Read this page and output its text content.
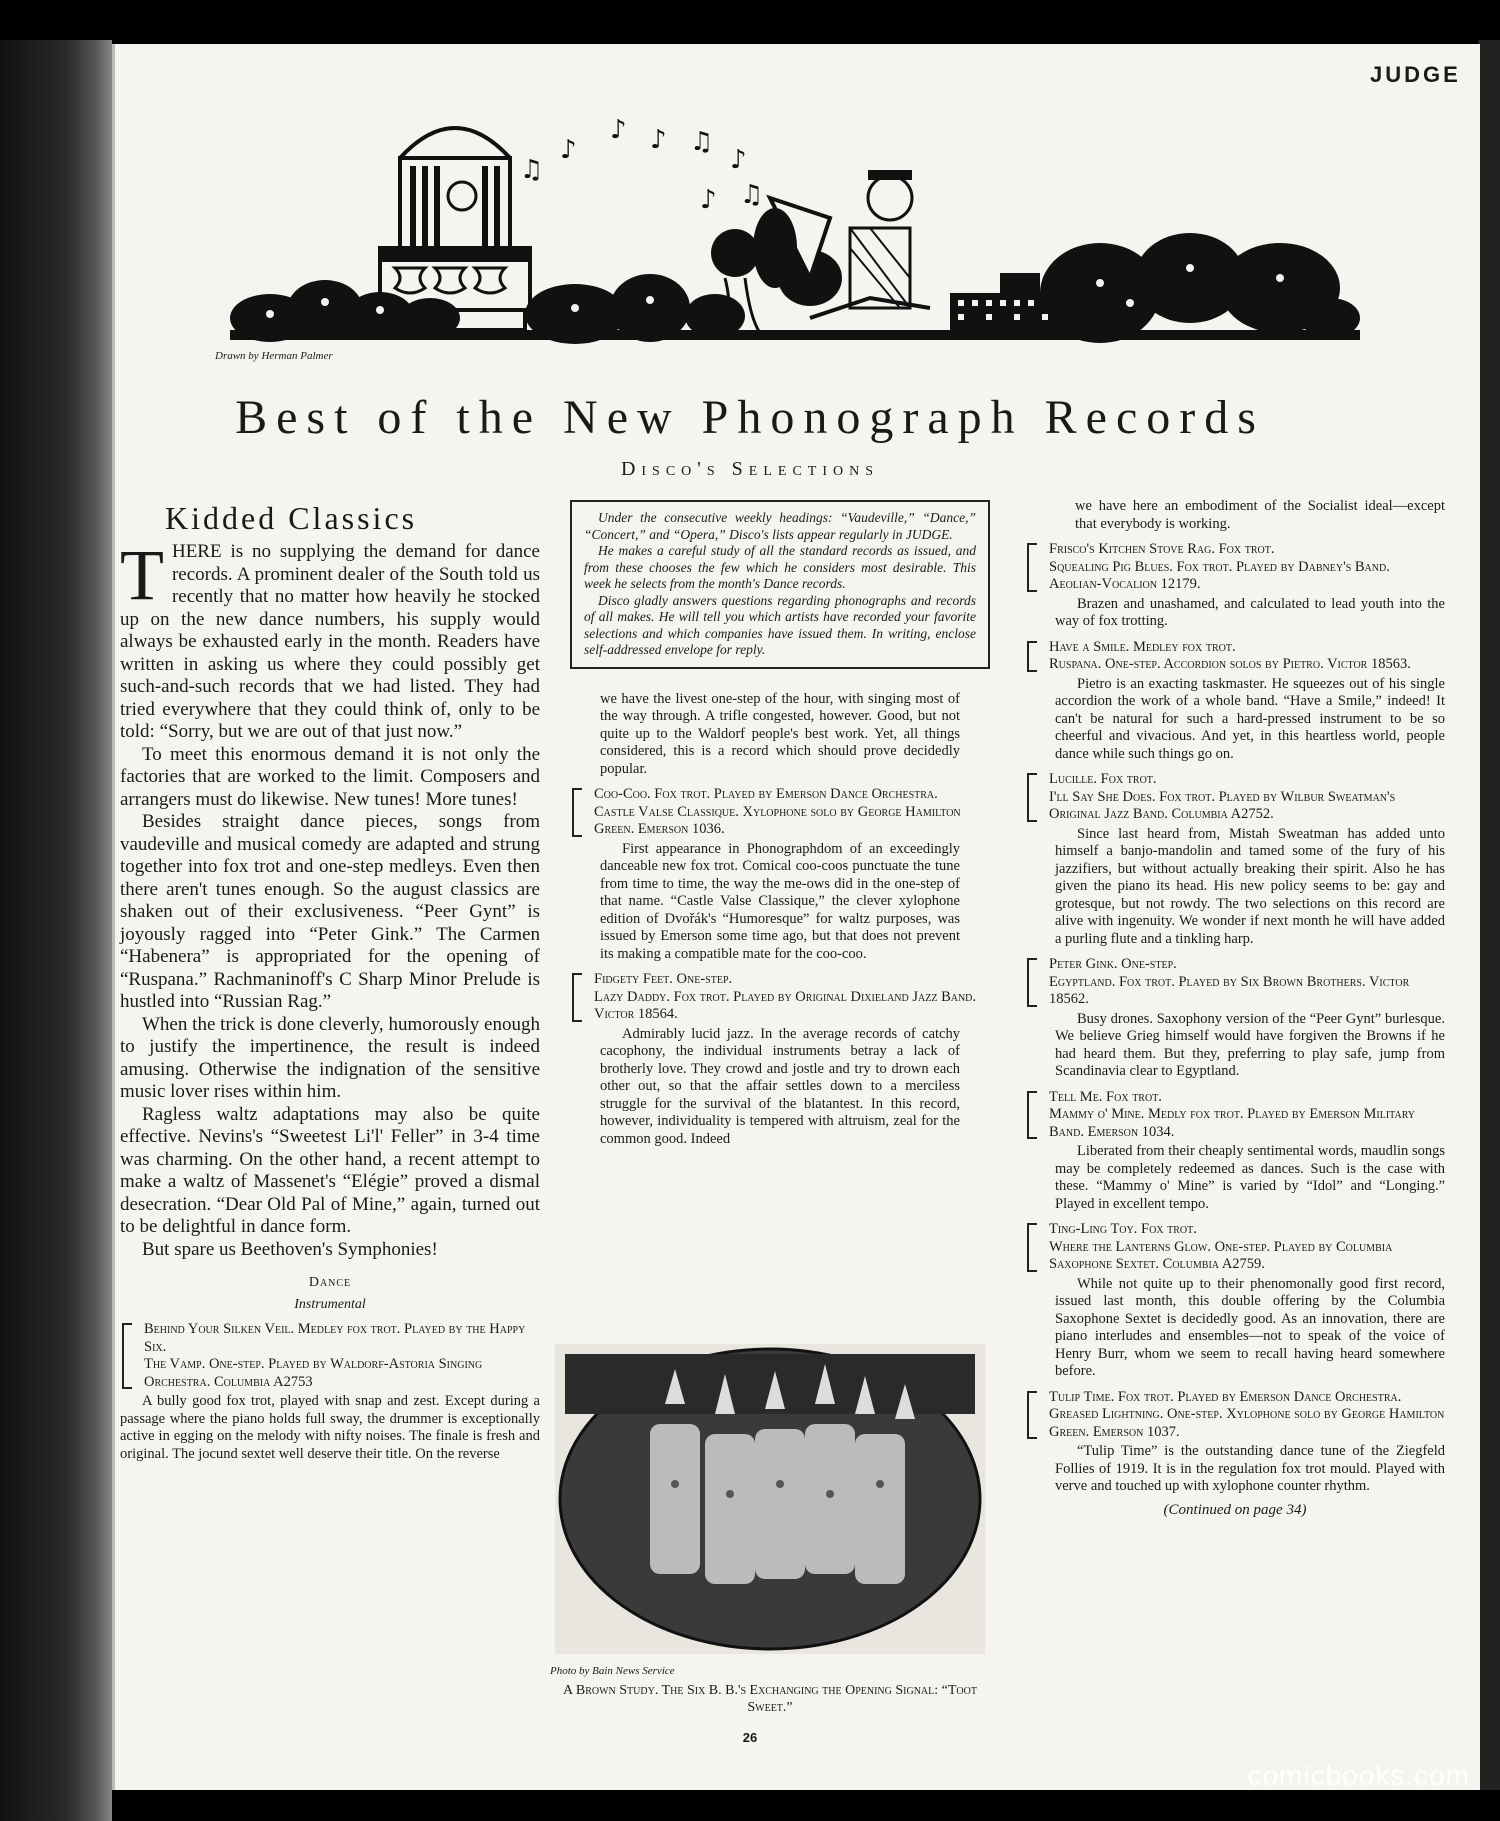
JUDGE
♫
♪
♪ ♪ ♫
♪
♪ ♫
Drawn by Herman Palmer
Best of the New Phonograph Records
Disco's Selections
Kidded Classics

THERE is no supplying the demand for dance records. A prominent dealer of the South told us recently that no matter how heavily he stocked up on the new dance numbers, his supply would always be exhausted early in the month. Readers have written in asking us where they could possibly get such-and-such records that we had listed. They had tried everywhere that they could think of, only to be told: “Sorry, but we are out of that just now.”

To meet this enormous demand it is not only the factories that are worked to the limit. Composers and arrangers must do likewise. New tunes! More tunes!

Besides straight dance pieces, songs from vaudeville and musical comedy are adapted and strung together into fox trot and one-step medleys. Even then there aren't tunes enough. So the august classics are shaken out of their exclusiveness. “Peer Gynt” is joyously ragged into “Peter Gink.” The Carmen “Habenera” is appropriated for the opening of “Ruspana.” Rachmaninoff's C Sharp Minor Prelude is hustled into “Russian Rag.”

When the trick is done cleverly, humorously enough to justify the impertinence, the result is indeed amusing. Otherwise the indignation of the sensitive music lover rises within him.

Ragless waltz adaptations may also be quite effective. Nevins's “Sweetest Li'l' Feller” in 3-4 time was charming. On the other hand, a recent attempt to make a waltz of Massenet's “Elégie” proved a dismal desecration. “Dear Old Pal of Mine,” again, turned out to be delightful in dance form.

But spare us Beethoven's Symphonies!

Dance
Instrumental
Behind Your Silken Veil. Medley fox trot. Played by the Happy Six.
The Vamp. One-step. Played by Waldorf-Astoria Singing Orchestra. Columbia A2753

A bully good fox trot, played with snap and zest. Except during a passage where the piano holds full sway, the drummer is exceptionally active in egging on the melody with nifty noises. The finale is fresh and original. The jocund sextet well deserve their title. On the reverse

Under the consecutive weekly headings: “Vaudeville,” “Dance,” “Concert,” and “Opera,” Disco's lists appear regularly in JUDGE.

He makes a careful study of all the standard records as issued, and from these chooses the few which he considers most desirable. This week he selects from the month's Dance records.

Disco gladly answers questions regarding phonographs and records of all makes. He will tell you which artists have recorded your favorite selections and which companies have issued them. In writing, enclose self-addressed envelope for reply.

we have the livest one-step of the hour, with singing most of the way through. A trifle congested, however. Good, but not quite up to the Waldorf people's best work. Yet, all things considered, this is a record which should prove decidedly popular.

Coo-Coo. Fox trot. Played by Emerson Dance Orchestra.
Castle Valse Classique. Xylophone solo by George Hamilton Green. Emerson 1036.

First appearance in Phonographdom of an exceedingly danceable new fox trot. Comical coo-coos punctuate the tune from time to time, the way the me-ows did in the one-step of that name. “Castle Valse Classique,” the clever xylophone edition of Dvořák's “Humoresque” for waltz purposes, was issued by Emerson some time ago, but that does not prevent its making a compatible mate for the coo-coo.

Fidgety Feet. One-step.
Lazy Daddy. Fox trot. Played by Original Dixieland Jazz Band. Victor 18564.

Admirably lucid jazz. In the average records of catchy cacophony, the individual instruments betray a lack of brotherly love. They crowd and jostle and try to drown each other out, so that the affair settles down to a merciless struggle for the survival of the blatantest. In this record, however, individuality is tempered with altruism, zeal for the common good. Indeed

Photo by Bain News Service
A Brown Study. The Six B. B.'s Exchanging the Opening Signal: “Toot Sweet.”

we have here an embodiment of the Socialist ideal—except that everybody is working.

Frisco's Kitchen Stove Rag. Fox trot.
Squealing Pig Blues. Fox trot. Played by Dabney's Band. Aeolian-Vocalion 12179.

Brazen and unashamed, and calculated to lead youth into the way of fox trotting.

Have a Smile. Medley fox trot.
Ruspana. One-step. Accordion solos by Pietro. Victor 18563.

Pietro is an exacting taskmaster. He squeezes out of his single accordion the work of a whole band. “Have a Smile,” indeed! It can't be natural for such a hard-pressed instrument to be so cheerful and vivacious. And yet, in this heartless world, people dance while such things go on.

Lucille. Fox trot.
I'll Say She Does. Fox trot. Played by Wilbur Sweatman's Original Jazz Band. Columbia A2752.

Since last heard from, Mistah Sweatman has added unto himself a banjo-mandolin and tamed some of the fury of his jazzifiers, but without actually breaking their spirit. Also he has given the piano its head. His new policy seems to be: gay and grotesque, but not rowdy. The two selections on this record are alive with ingenuity. We wonder if next month he will have added a purling flute and a tinkling harp.

Peter Gink. One-step.
Egyptland. Fox trot. Played by Six Brown Brothers. Victor 18562.

Busy drones. Saxophony version of the “Peer Gynt” burlesque. We believe Grieg himself would have forgiven the Browns if he had heard them. But they, preferring to play safe, jump from Scandinavia clear to Egyptland.

Tell Me. Fox trot.
Mammy o' Mine. Medly fox trot. Played by Emerson Military Band. Emerson 1034.

Liberated from their cheaply sentimental words, maudlin songs may be completely redeemed as dances. Such is the case with these. “Mammy o' Mine” is varied by “Idol” and “Longing.” Played in excellent tempo.

Ting-Ling Toy. Fox trot.
Where the Lanterns Glow. One-step. Played by Columbia Saxophone Sextet. Columbia A2759.

While not quite up to their phenomonally good first record, issued last month, this double offering by the Columbia Saxophone Sextet is decidedly good. As an innovation, there are piano interludes and ensembles—not to speak of the voice of Henry Burr, whom we seem to recall having heard somewhere before.

Tulip Time. Fox trot. Played by Emerson Dance Orchestra.
Greased Lightning. One-step. Xylophone solo by George Hamilton Green. Emerson 1037.

“Tulip Time” is the outstanding dance tune of the Ziegfeld Follies of 1919. It is in the regulation fox trot mould. Played with verve and touched up with xylophone counter rhythm.

(Continued on page 34)
26
comicbooks.com
